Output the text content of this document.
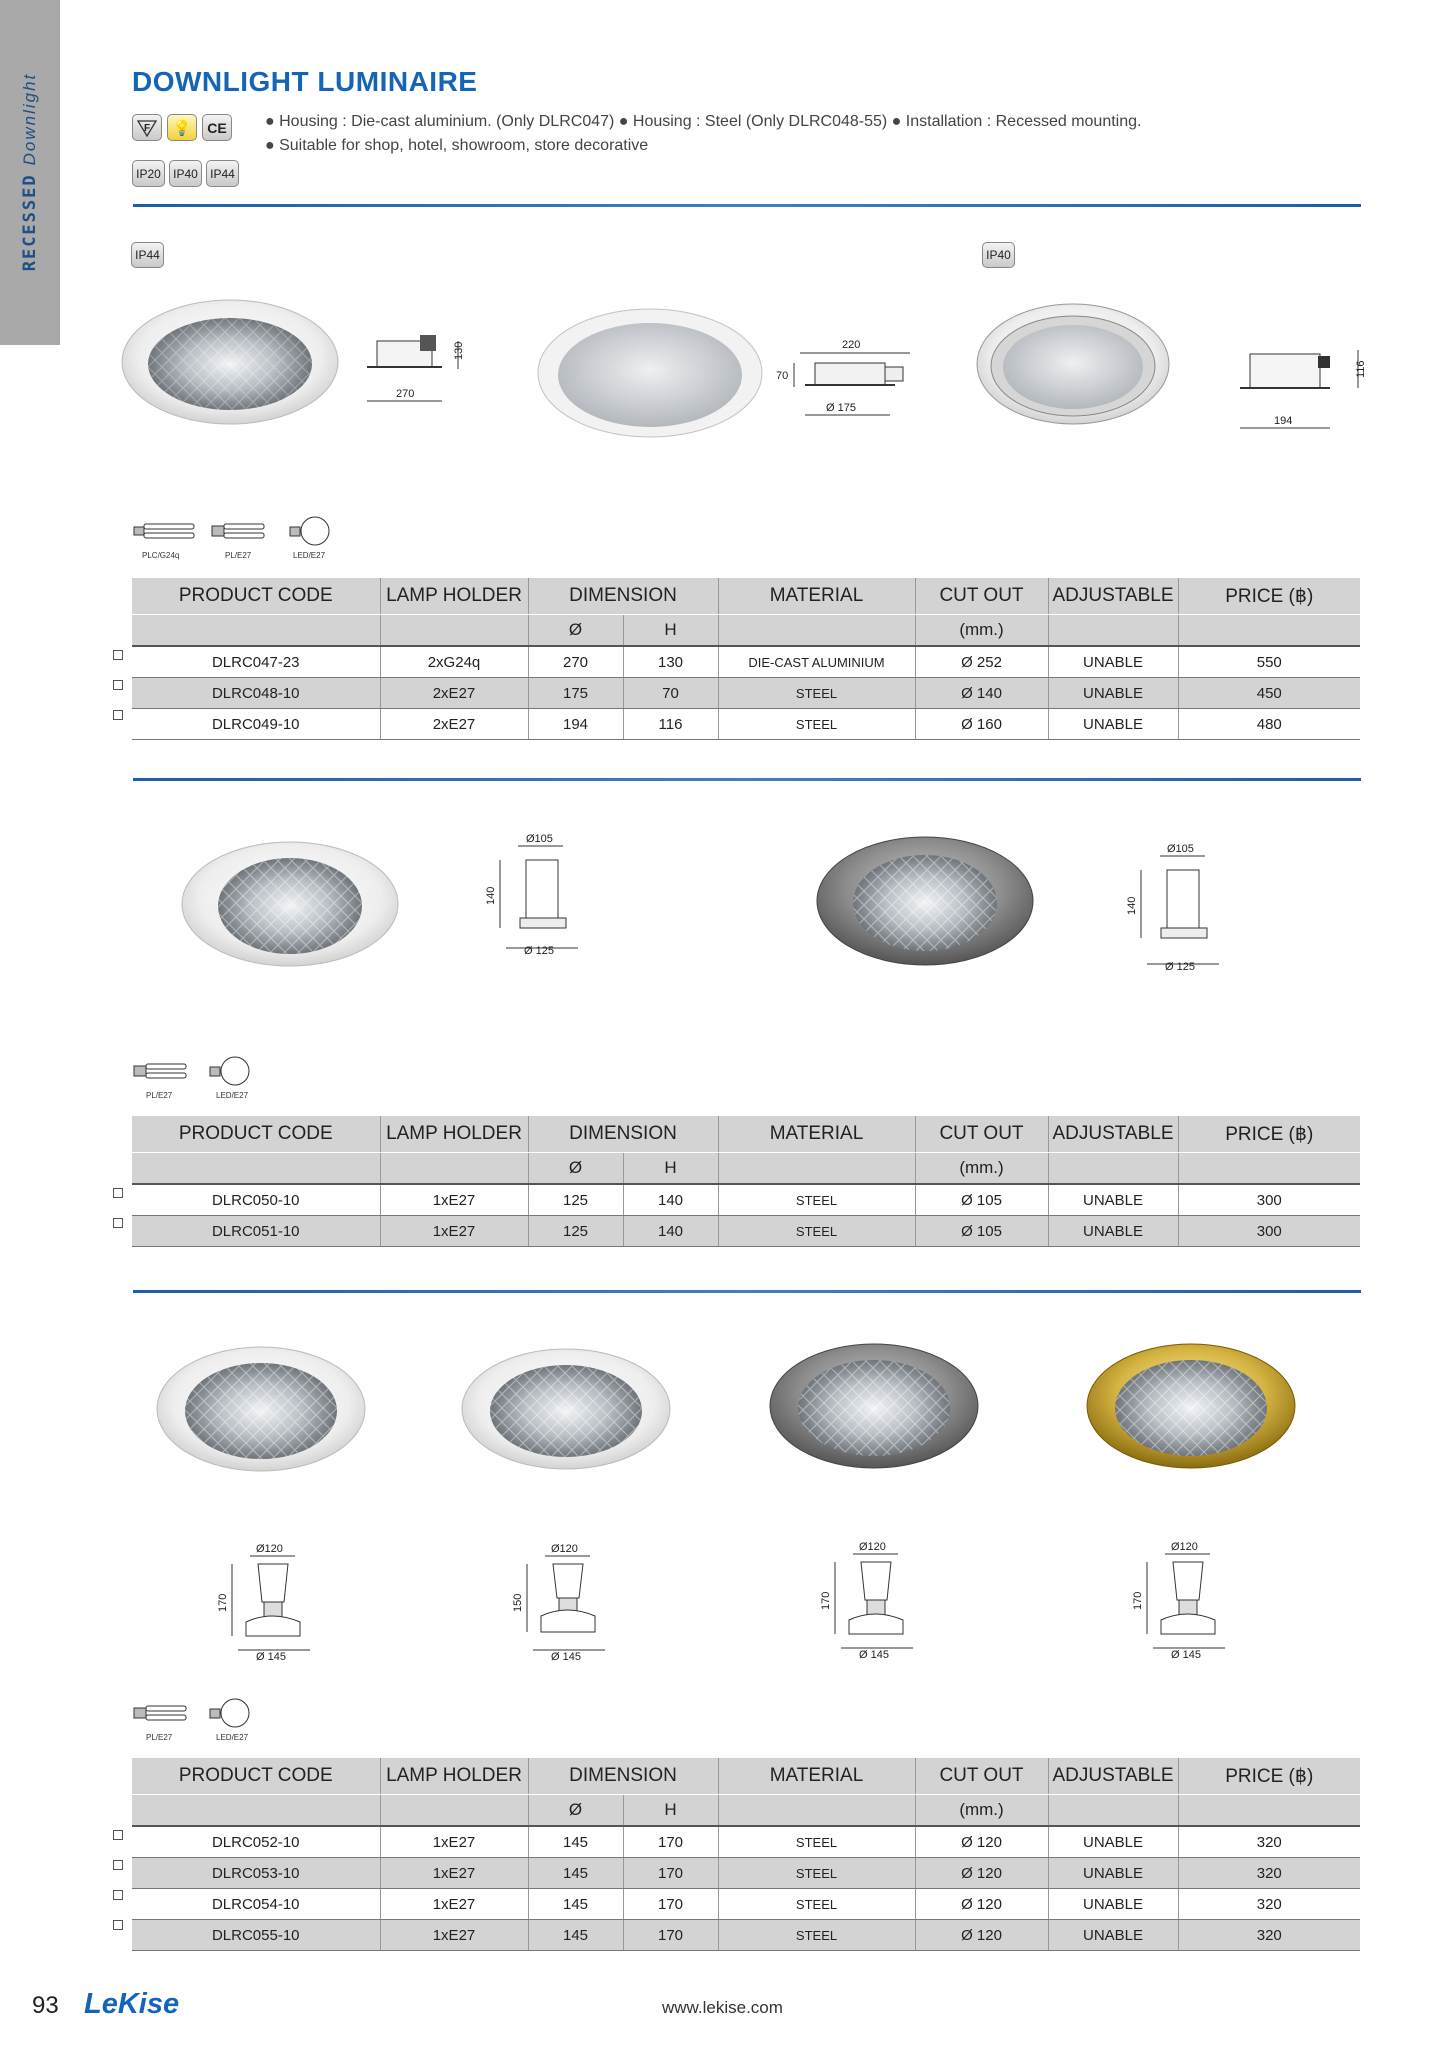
RECESSEDDownlight	DOWNLIGHT LUMINAIRE
F 💡	CE
IP20	IP40	IP44
● Housing : Die-cast aluminium. (Only DLRC047) ● Housing : Steel (Only DLRC048-55) ● Installation : Recessed mounting.
● Suitable for shop, hotel, showroom, store decorative
IP44	IP40
130
270
220
70
Ø 175
116
194
PLC/G24q	PL/E27	LED/E27
PRODUCT CODE	LAMP HOLDER	DIMENSION		MATERIAL	CUT OUT	ADJUSTABLE	PRICE (฿)
		Ø	H		(mm.)		
DLRC047-23	2xG24q	270	130	DIE-CAST ALUMINIUM	Ø 252	UNABLE	550
DLRC048-10	2xE27	175	70	STEEL	Ø 140	UNABLE	450
DLRC049-10	2xE27	194	116	STEEL	Ø 160	UNABLE	480
Ø105
140
Ø 125
Ø105
140
Ø 125
PL/E27	LED/E27
PRODUCT CODE	LAMP HOLDER	DIMENSION		MATERIAL	CUT OUT	ADJUSTABLE	PRICE (฿)
		Ø	H		(mm.)		
DLRC050-10	1xE27	125	140	STEEL	Ø 105	UNABLE	300
DLRC051-10	1xE27	125	140	STEEL	Ø 105	UNABLE	300
Ø120
170
Ø 145
Ø120
150
Ø 145
Ø120
170
Ø 145
Ø120
170
Ø 145
PL/E27	LED/E27
PRODUCT CODE	LAMP HOLDER	DIMENSION		MATERIAL	CUT OUT	ADJUSTABLE	PRICE (฿)
		Ø	H		(mm.)		
DLRC052-10	1xE27	145	170	STEEL	Ø 120	UNABLE	320
DLRC053-10	1xE27	145	170	STEEL	Ø 120	UNABLE	320
DLRC054-10	1xE27	145	170	STEEL	Ø 120	UNABLE	320
DLRC055-10	1xE27	145	170	STEEL	Ø 120	UNABLE	320
93 LeKise	www.lekise.com
